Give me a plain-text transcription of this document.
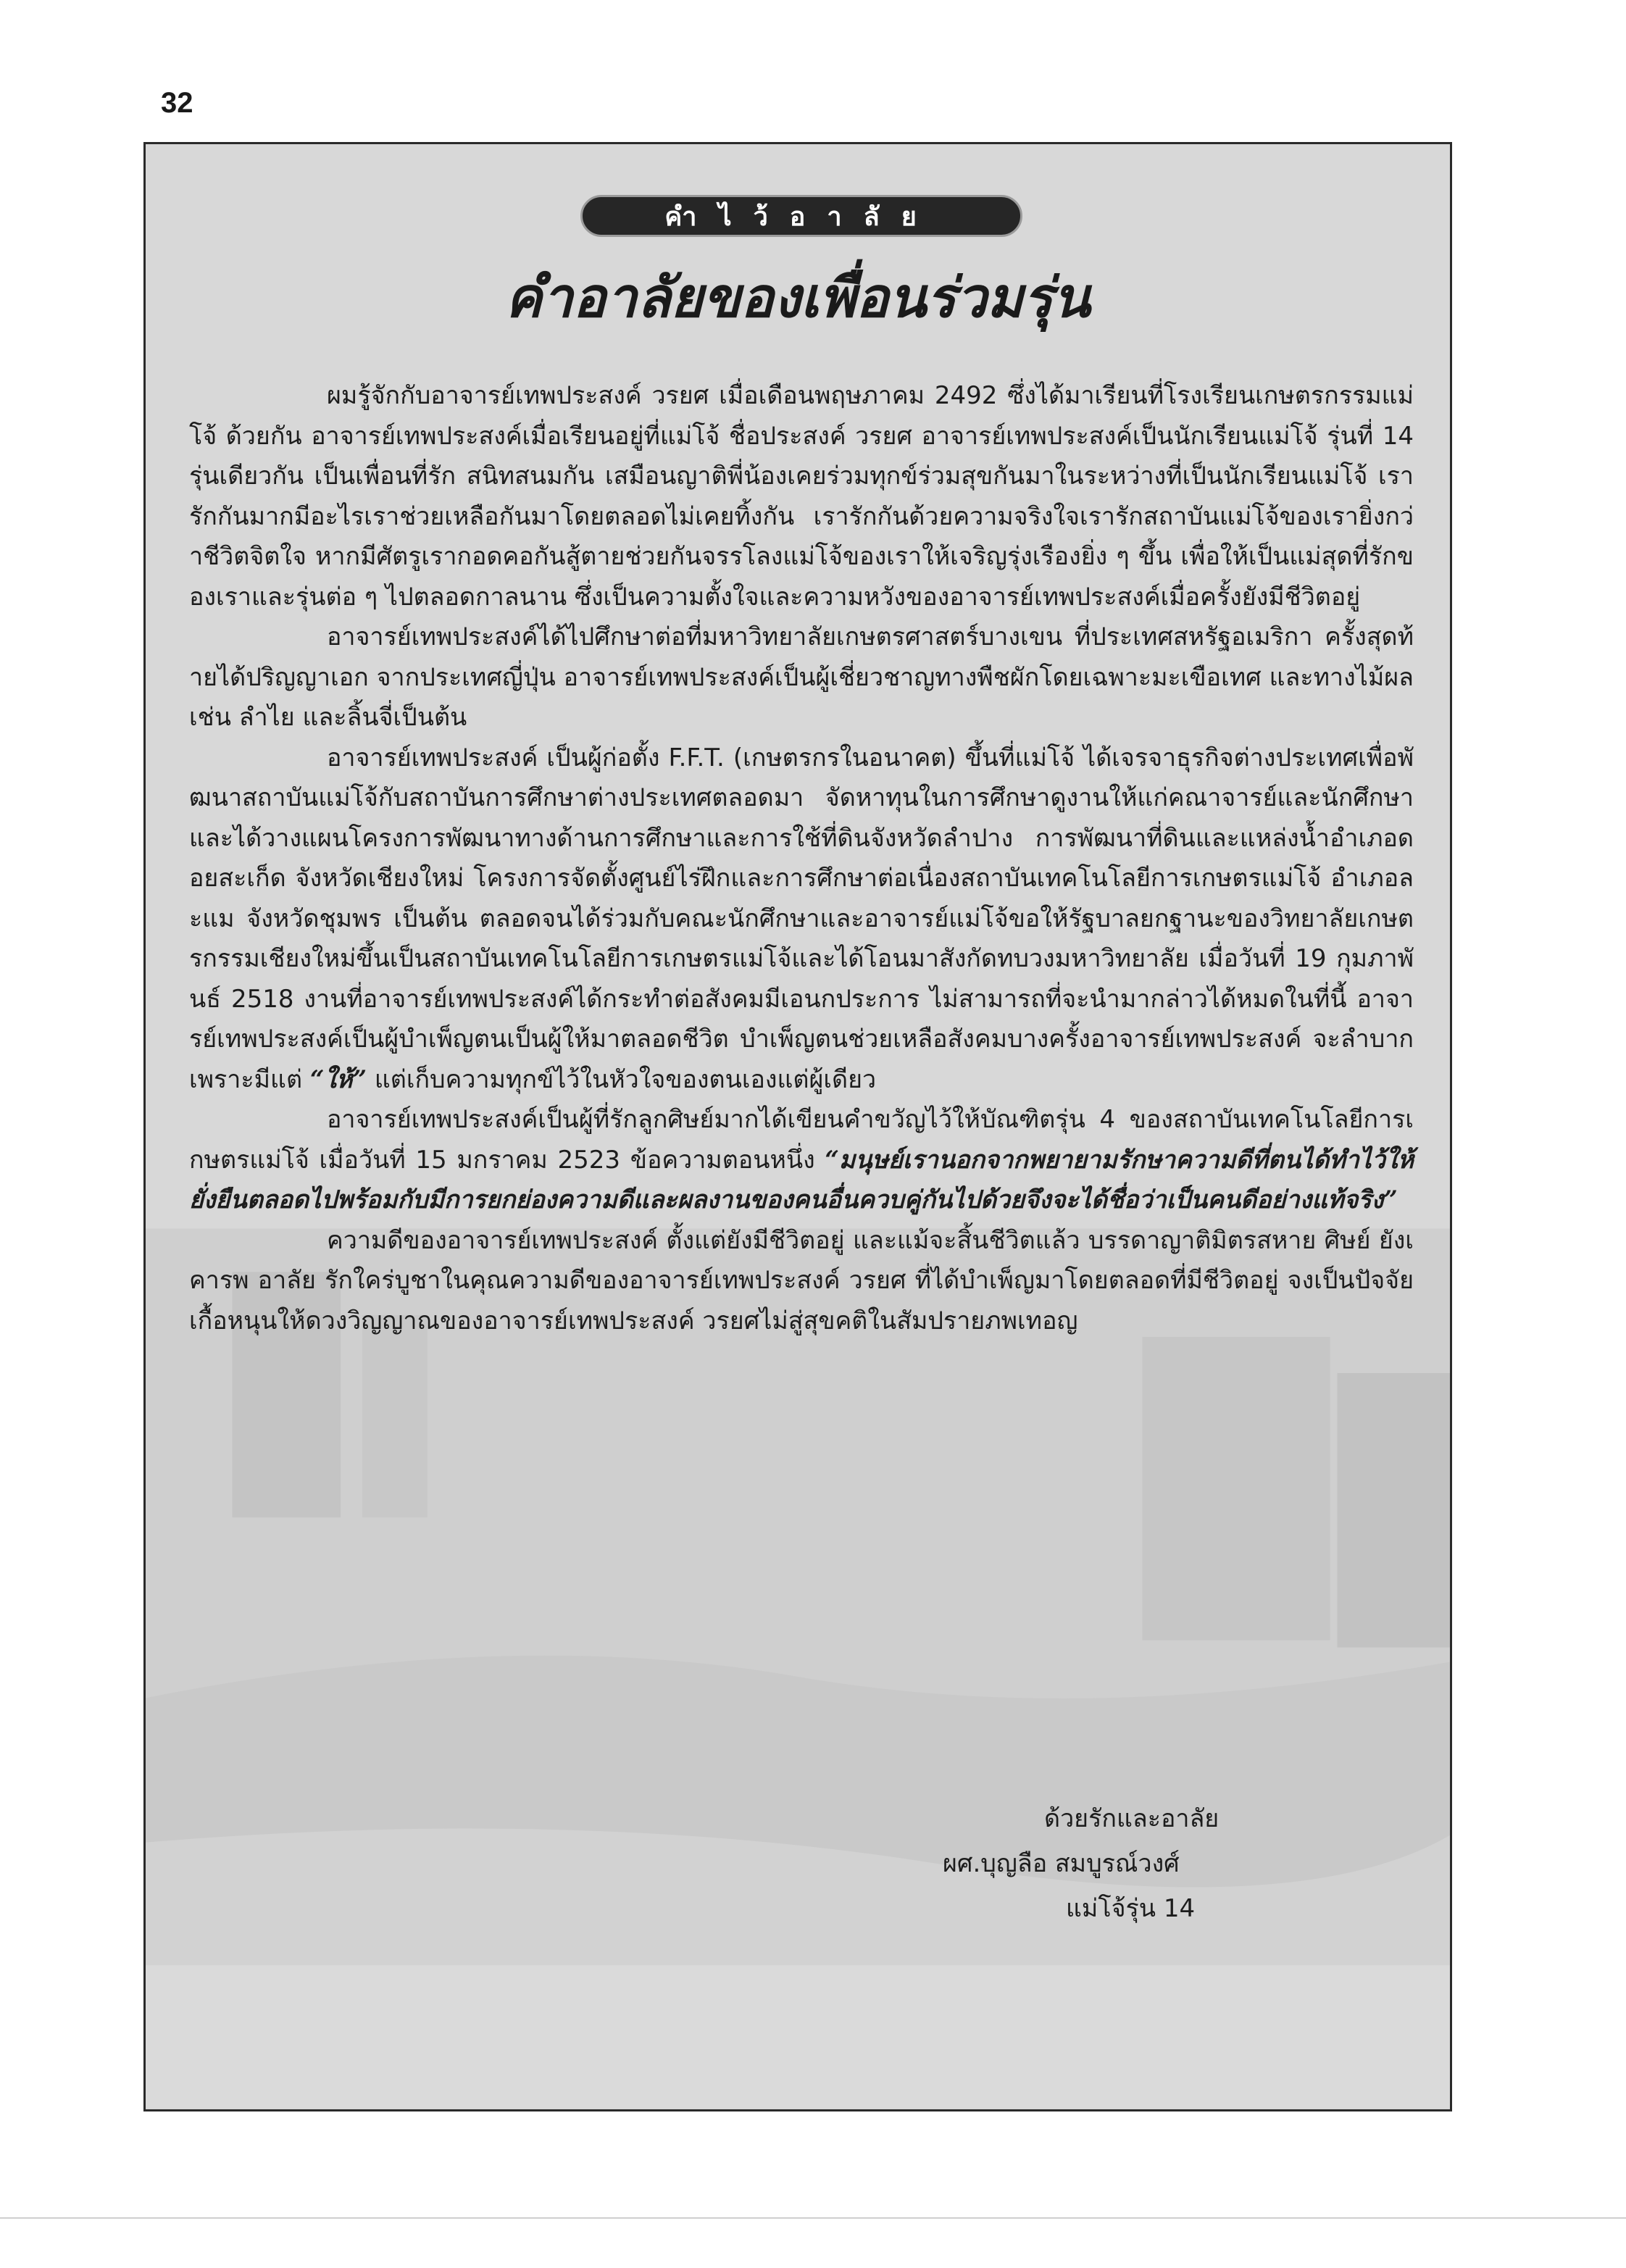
32
คำไว้อาลัย
คำอาลัยของเพื่อนร่วมรุ่น

ผมรู้จักกับอาจารย์เทพประสงค์ วรยศ เมื่อเดือนพฤษภาคม 2492 ซึ่งได้มาเรียนที่โรงเรียนเกษตรกรรมแม่โจ้ ด้วยกัน อาจารย์เทพประสงค์เมื่อเรียนอยู่ที่แม่โจ้ ชื่อประสงค์ วรยศ อาจารย์เทพประสงค์เป็นนักเรียนแม่โจ้ รุ่นที่ 14 รุ่นเดียวกัน เป็นเพื่อนที่รัก สนิทสนมกัน เสมือนญาติพี่น้องเคยร่วมทุกข์ร่วมสุขกันมาในระหว่างที่เป็นนักเรียนแม่โจ้ เรารักกันมากมีอะไรเราช่วยเหลือกันมาโดยตลอดไม่เคยทิ้งกัน เรารักกันด้วยความจริงใจเรารักสถาบันแม่โจ้ของเรายิ่งกว่าชีวิตจิตใจ หากมีศัตรูเรากอดคอกันสู้ตายช่วยกันจรรโลงแม่โจ้ของเราให้เจริญรุ่งเรืองยิ่ง ๆ ขึ้น เพื่อให้เป็นแม่สุดที่รักของเราและรุ่นต่อ ๆ ไปตลอดกาลนาน ซึ่งเป็นความตั้งใจและความหวังของอาจารย์เทพประสงค์เมื่อครั้งยังมีชีวิตอยู่

อาจารย์เทพประสงค์ได้ไปศึกษาต่อที่มหาวิทยาลัยเกษตรศาสตร์บางเขน ที่ประเทศสหรัฐอเมริกา ครั้งสุดท้ายได้ปริญญาเอก จากประเทศญี่ปุ่น อาจารย์เทพประสงค์เป็นผู้เชี่ยวชาญทางพืชผักโดยเฉพาะมะเขือเทศ และทางไม้ผล เช่น ลำไย และลิ้นจี่เป็นต้น

อาจารย์เทพประสงค์ เป็นผู้ก่อตั้ง F.F.T. (เกษตรกรในอนาคต) ขึ้นที่แม่โจ้ ได้เจรจาธุรกิจต่างประเทศเพื่อพัฒนาสถาบันแม่โจ้กับสถาบันการศึกษาต่างประเทศตลอดมา จัดหาทุนในการศึกษาดูงานให้แก่คณาจารย์และนักศึกษา และได้วางแผนโครงการพัฒนาทางด้านการศึกษาและการใช้ที่ดินจังหวัดลำปาง การพัฒนาที่ดินและแหล่งน้ำอำเภอดอยสะเก็ด จังหวัดเชียงใหม่ โครงการจัดตั้งศูนย์ไร่ฝึกและการศึกษาต่อเนื่องสถาบันเทคโนโลยีการเกษตรแม่โจ้ อำเภอละแม จังหวัดชุมพร เป็นต้น ตลอดจนได้ร่วมกับคณะนักศึกษาและอาจารย์แม่โจ้ขอให้รัฐบาลยกฐานะของวิทยาลัยเกษตรกรรมเชียงใหม่ขึ้นเป็นสถาบันเทคโนโลยีการเกษตรแม่โจ้และได้โอนมาสังกัดทบวงมหาวิทยาลัย เมื่อวันที่ 19 กุมภาพันธ์ 2518 งานที่อาจารย์เทพประสงค์ได้กระทำต่อสังคมมีเอนกประการ ไม่สามารถที่จะนำมากล่าวได้หมดในที่นี้ อาจารย์เทพประสงค์เป็นผู้บำเพ็ญตนเป็นผู้ให้มาตลอดชีวิต บำเพ็ญตนช่วยเหลือสังคมบางครั้งอาจารย์เทพประสงค์ จะลำบากเพราะมีแต่ “ให้” แต่เก็บความทุกข์ไว้ในหัวใจของตนเองแต่ผู้เดียว

อาจารย์เทพประสงค์เป็นผู้ที่รักลูกศิษย์มากได้เขียนคำขวัญไว้ให้บัณฑิตรุ่น 4 ของสถาบันเทคโนโลยีการเกษตรแม่โจ้ เมื่อวันที่ 15 มกราคม 2523 ข้อความตอนหนึ่ง “มนุษย์เรานอกจากพยายามรักษาความดีที่ตนได้ทำไว้ให้ยั่งยืนตลอดไปพร้อมกับมีการยกย่องความดีและผลงานของคนอื่นควบคู่กันไปด้วยจึงจะได้ชื่อว่าเป็นคนดีอย่างแท้จริง”

ความดีของอาจารย์เทพประสงค์ ตั้งแต่ยังมีชีวิตอยู่ และแม้จะสิ้นชีวิตแล้ว บรรดาญาติมิตรสหาย ศิษย์ ยังเคารพ อาลัย รักใคร่บูชาในคุณความดีของอาจารย์เทพประสงค์ วรยศ ที่ได้บำเพ็ญมาโดยตลอดที่มีชีวิตอยู่ จงเป็นปัจจัยเกื้อหนุนให้ดวงวิญญาณของอาจารย์เทพประสงค์ วรยศไม่สู่สุขคติในสัมปรายภพเทอญ

ด้วยรักและอาลัย

ผศ.บุญลือ สมบูรณ์วงศ์

แม่โจ้รุ่น 14
